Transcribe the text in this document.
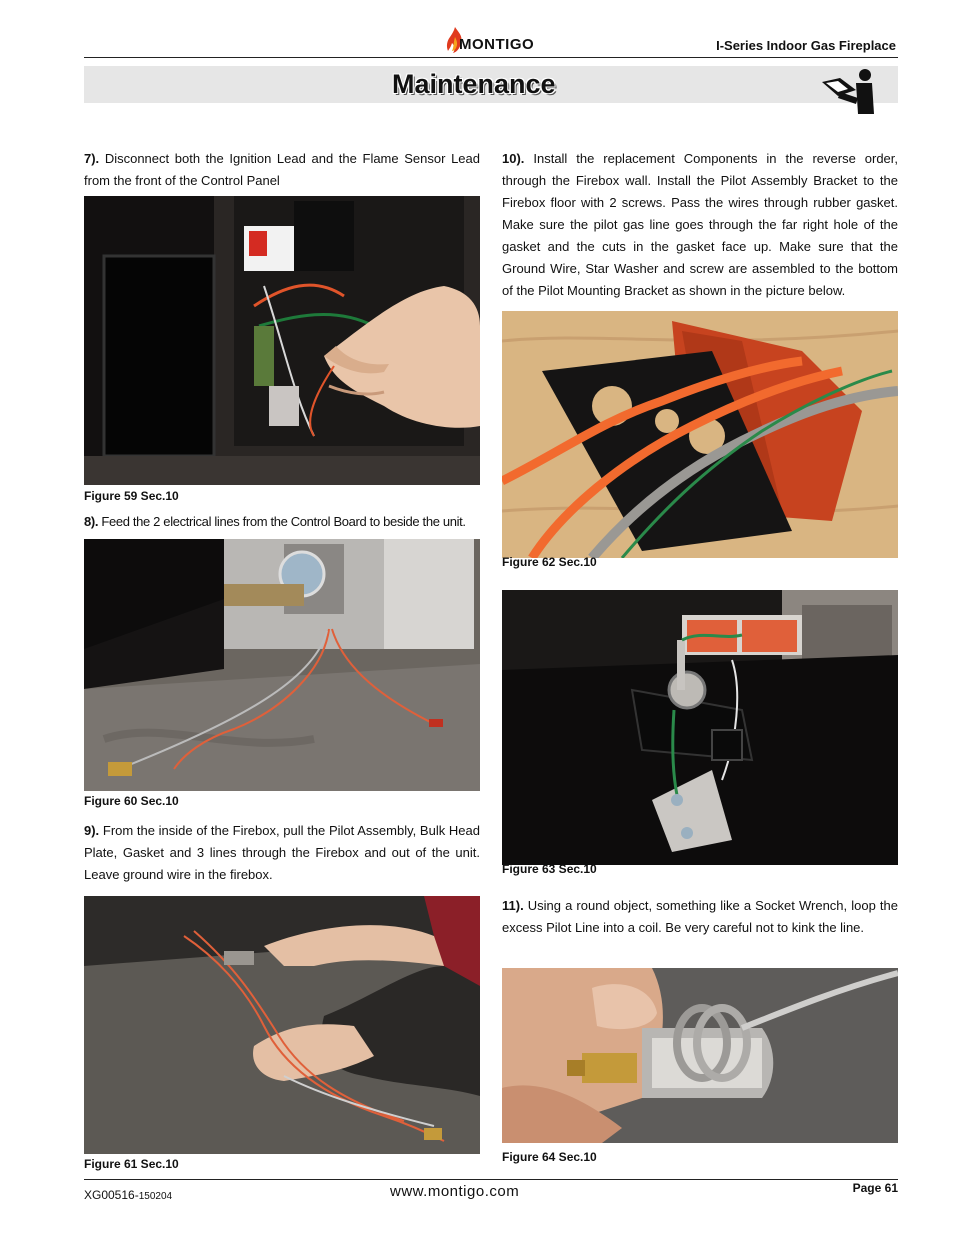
MONTIGO	I-Series Indoor Gas Fireplace
Maintenance
7). Disconnect both the Ignition Lead and the Flame Sensor Lead from the front of the Control Panel
Figure 59 Sec.10
8). Feed the 2 electrical lines from the Control Board to beside the unit.
Figure 60 Sec.10
9). From the inside of the Firebox, pull the Pilot Assembly, Bulk Head Plate, Gasket and 3 lines through the Firebox and out of the unit. Leave ground wire in the firebox.
Figure 61 Sec.10
10). Install the replacement Components in the reverse order, through the Firebox wall. Install the Pilot Assembly Bracket to the Firebox floor with 2 screws. Pass the wires through rubber gasket. Make sure the pilot gas line goes through the far right hole of the gasket and the cuts in the gasket face up. Make sure that the Ground Wire, Star Washer and screw are assembled to the bottom of the Pilot Mounting Bracket as shown in the picture below.
Figure 62 Sec.10
Figure 63 Sec.10
11). Using a round object, something like a Socket Wrench, loop the excess Pilot Line into a coil. Be very careful not to kink the line.
Figure 64 Sec.10
XG00516-150204	www.montigo.com	Page 61
